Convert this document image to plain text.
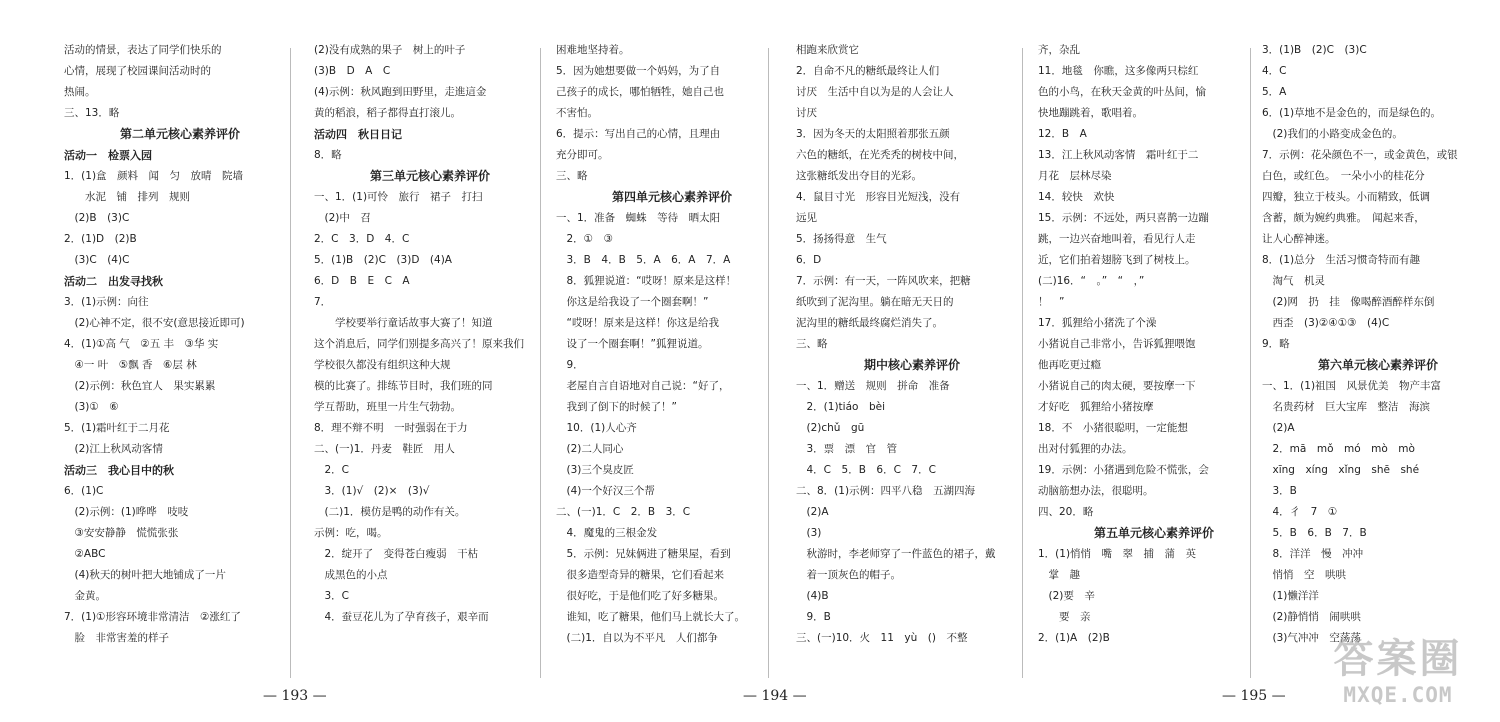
活动的情景，表达了同学们快乐的
心情，展现了校园课间活动时的
热闹。
三、13．略
第二单元核心素养评价
活动一　检票入园
1．(1)盒　颜料　闻　匀　放晴　院墙
　　水泥　铺　排列　规则
　(2)B　(3)C
2．(1)D　(2)B
　(3)C　(4)C
活动二　出发寻找秋
3．(1)示例：向往
　(2)心神不定，很不安(意思接近即可)
4．(1)①高 气　②五 丰　③华 实
　④一 叶　⑤飘 香　⑥层 林
　(2)示例：秋色宜人　果实累累
　(3)①　⑥
5．(1)霜叶红于二月花
　(2)江上秋风动客情
活动三　我心目中的秋
6．(1)C
　(2)示例：(1)哗哗　吱吱
　③安安静静　慌慌张张
　②ABC
　(4)秋天的树叶把大地铺成了一片
　金黄。
7．(1)①形容环境非常清洁　②涨红了
　脸　非常害羞的样子
(2)没有成熟的果子　树上的叶子
(3)B　D　A　C
(4)示例：秋风跑到田野里，走進這金
黄的稻浪，稻子都得直打滚儿。
活动四　秋日日记
8．略
第三单元核心素养评价
一、1．(1)可怜　旅行　裙子　打扫
　(2)中　召
2．C　3．D　4．C
5．(1)B　(2)C　(3)D　(4)A
6．D　B　E　C　A
7．
　　学校要举行童话故事大赛了！知道
这个消息后，同学们别提多高兴了！原来我们
学校很久都没有组织这种大规
模的比赛了。排练节目时，我们班的同
学互帮助，班里一片生气勃勃。
8．理不辩不明　一时强弱在于力
二、(一)1．丹麦　鞋匠　用人
　2．C
　3．(1)√　(2)×　(3)√
　(二)1．模仿是鸭的动作有关。
示例：吃，喝。
　2．绽开了　变得苍白瘦弱　干枯
　成黑色的小点
　3．C
　4．蚕豆花儿为了孕育孩子，艰辛而
— 193 —
困难地坚持着。
5．因为她想要做一个妈妈，为了自
己孩子的成长，哪怕牺牲，她自己也
不害怕。
6．提示：写出自己的心情，且理由
充分即可。
三、略
第四单元核心素养评价
一、1．准备　蜘蛛　等待　晒太阳
　2．①　③
　3．B　4．B　5．A　6．A　7．A
　8．狐狸说道：“哎呀！原来是这样！
　你这是给我设了一个圈套啊！”
　“哎呀！原来是这样！你这是给我
　设了一个圈套啊！”狐狸说道。
　9．
　老屋自言自语地对自己说：“好了，
　我到了倒下的时候了！”
　10．(1)人心齐
　(2)二人同心
　(3)三个臭皮匠
　(4)一个好汉三个帮
二、(一)1．C　2．B　3．C
　4．魔鬼的三根金发
　5．示例：兄妹俩进了糖果屋，看到
　很多造型奇异的糖果，它们看起来
　很好吃，于是他们吃了好多糖果。
　谁知，吃了糖果，他们马上就长大了。
　(二)1．自以为不平凡　人们都争
相跑来欣赏它
2．自命不凡的糖纸最终让人们
讨厌　生活中自以为是的人会让人
讨厌
3．因为冬天的太阳照着那张五颜
六色的糖纸，在光秃秃的树枝中间，
这张糖纸发出夺目的光彩。
4．鼠目寸光　形容目光短浅，没有
远见
5．扬扬得意　生气
6．D
7．示例：有一天，一阵风吹来，把糖
纸吹到了泥沟里。躺在暗无天日的
泥沟里的糖纸最终腐烂消失了。
三、略
期中核心素养评价
一、1．赠送　规则　拼命　准备
　2．(1)tiáo　bèi
　(2)chǔ　gū
　3．票　漂　官　管
　4．C　5．B　6．C　7．C
二、8．(1)示例：四平八稳　五湖四海
　(2)A
　(3)
　秋游时，李老师穿了一件蓝色的裙子，戴
　着一顶灰色的帽子。
　(4)B
　9．B
三、(一)10．火　11　yù　()　不整
— 194 —
齐，杂乱
11．地毯　你瞧，这多像两只棕红
色的小鸟，在秋天金黄的叶丛间，愉
快地蹦跳着，歌唱着。
12．B　A
13．江上秋风动客情　霜叶红于二
月花　层林尽染
14．较快　欢快
15．示例：不远处，两只喜鹊一边蹦
跳，一边兴奋地叫着，看见行人走
近，它们拍着翅膀飞到了树枝上。
(二)16．“　。”　“　，”
！　”
17．狐狸给小猪洗了个澡
小猪说自己非常小，告诉狐狸喂饱
他再吃更过瘾
小猪说自己的肉太硬，要按摩一下
才好吃　狐狸给小猪按摩
18．不　小猪很聪明，一定能想
出对付狐狸的办法。
19．示例：小猪遇到危险不慌张，会
动脑筋想办法，很聪明。
四、20．略
第五单元核心素养评价
1．(1)悄悄　嘴　翠　捕　蒲　英
　掌　趣
　(2)要　辛
　　要　亲
2．(1)A　(2)B
3．(1)B　(2)C　(3)C
4．C
5．A
6．(1)草地不是金色的，而是绿色的。
　(2)我们的小路变成金色的。
7．示例：花朵颜色不一，或金黄色，或银
白色，或红色。　一朵小小的桂花分
四瓣，独立于枝头。小而精致，低调
含蓄，颇为婉约典雅。　闻起来香，
让人心醉神迷。
8．(1)总分　生活习惯奇特而有趣
　淘气　机灵
　(2)网　扔　挂　像喝醉酒醉样东倒
　西歪　(3)②④①③　(4)C
9．略
第六单元核心素养评价
一、1．(1)祖国　风景优美　物产丰富
　名贵药材　巨大宝库　整洁　海滨
　(2)A
　2．mā　mǒ　mó　mò　mò
　xīng　xíng　xǐng　shē　shé
　3．B
　4．彳　7　①
　5．B　6．B　7．B
　8．洋洋　慢　冲冲
　悄悄　空　哄哄
　(1)懒洋洋
　(2)静悄悄　闹哄哄
　(3)气冲冲　空荡荡
— 195 —
答案圈
MXQE.COM
